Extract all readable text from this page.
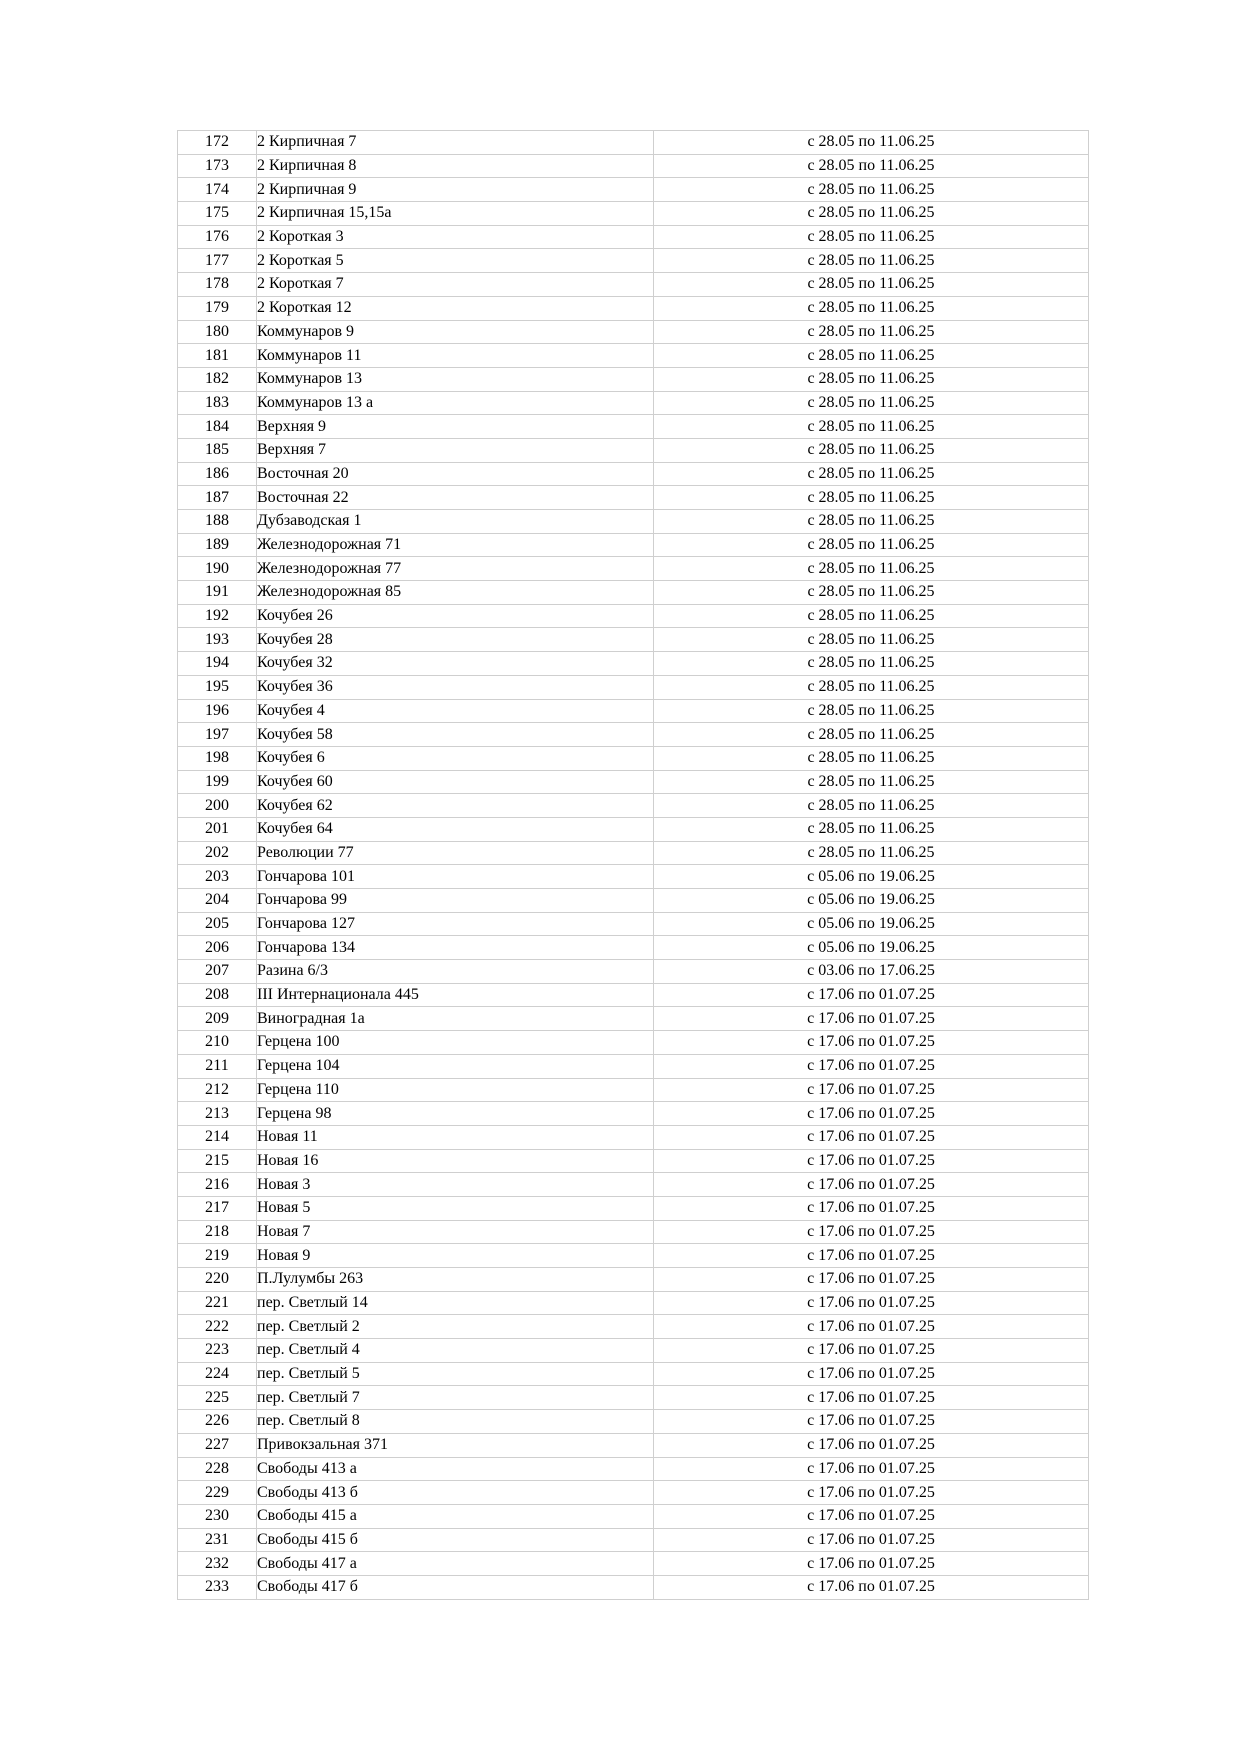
172	2 Кирпичная 7	с 28.05 по 11.06.25
173	2 Кирпичная 8	с 28.05 по 11.06.25
174	2 Кирпичная 9	с 28.05 по 11.06.25
175	2 Кирпичная 15,15а	с 28.05 по 11.06.25
176	2 Короткая 3	с 28.05 по 11.06.25
177	2 Короткая 5	с 28.05 по 11.06.25
178	2 Короткая 7	с 28.05 по 11.06.25
179	2 Короткая 12	с 28.05 по 11.06.25
180	Коммунаров 9	с 28.05 по 11.06.25
181	Коммунаров 11	с 28.05 по 11.06.25
182	Коммунаров 13	с 28.05 по 11.06.25
183	Коммунаров 13 а	с 28.05 по 11.06.25
184	Верхняя 9	с 28.05 по 11.06.25
185	Верхняя 7	с 28.05 по 11.06.25
186	Восточная 20	с 28.05 по 11.06.25
187	Восточная 22	с 28.05 по 11.06.25
188	Дубзаводская 1	с 28.05 по 11.06.25
189	Железнодорожная 71	с 28.05 по 11.06.25
190	Железнодорожная 77	с 28.05 по 11.06.25
191	Железнодорожная 85	с 28.05 по 11.06.25
192	Кочубея 26	с 28.05 по 11.06.25
193	Кочубея 28	с 28.05 по 11.06.25
194	Кочубея 32	с 28.05 по 11.06.25
195	Кочубея 36	с 28.05 по 11.06.25
196	Кочубея 4	с 28.05 по 11.06.25
197	Кочубея 58	с 28.05 по 11.06.25
198	Кочубея 6	с 28.05 по 11.06.25
199	Кочубея 60	с 28.05 по 11.06.25
200	Кочубея 62	с 28.05 по 11.06.25
201	Кочубея 64	с 28.05 по 11.06.25
202	Революции 77	с 28.05 по 11.06.25
203	Гончарова 101	с 05.06 по 19.06.25
204	Гончарова 99	с 05.06 по 19.06.25
205	Гончарова 127	с 05.06 по 19.06.25
206	Гончарова 134	с 05.06 по 19.06.25
207	Разина 6/3	с 03.06 по 17.06.25
208	III Интернационала 445	с 17.06 по 01.07.25
209	Виноградная 1а	с 17.06 по 01.07.25
210	Герцена 100	с 17.06 по 01.07.25
211	Герцена 104	с 17.06 по 01.07.25
212	Герцена 110	с 17.06 по 01.07.25
213	Герцена 98	с 17.06 по 01.07.25
214	Новая 11	с 17.06 по 01.07.25
215	Новая 16	с 17.06 по 01.07.25
216	Новая 3	с 17.06 по 01.07.25
217	Новая 5	с 17.06 по 01.07.25
218	Новая 7	с 17.06 по 01.07.25
219	Новая 9	с 17.06 по 01.07.25
220	П.Лулумбы 263	с 17.06 по 01.07.25
221	пер. Светлый 14	с 17.06 по 01.07.25
222	пер. Светлый 2	с 17.06 по 01.07.25
223	пер. Светлый 4	с 17.06 по 01.07.25
224	пер. Светлый 5	с 17.06 по 01.07.25
225	пер. Светлый 7	с 17.06 по 01.07.25
226	пер. Светлый 8	с 17.06 по 01.07.25
227	Привокзальная 371	с 17.06 по 01.07.25
228	Свободы 413 а	с 17.06 по 01.07.25
229	Свободы 413 б	с 17.06 по 01.07.25
230	Свободы 415 а	с 17.06 по 01.07.25
231	Свободы 415 б	с 17.06 по 01.07.25
232	Свободы 417 а	с 17.06 по 01.07.25
233	Свободы 417 б	с 17.06 по 01.07.25
